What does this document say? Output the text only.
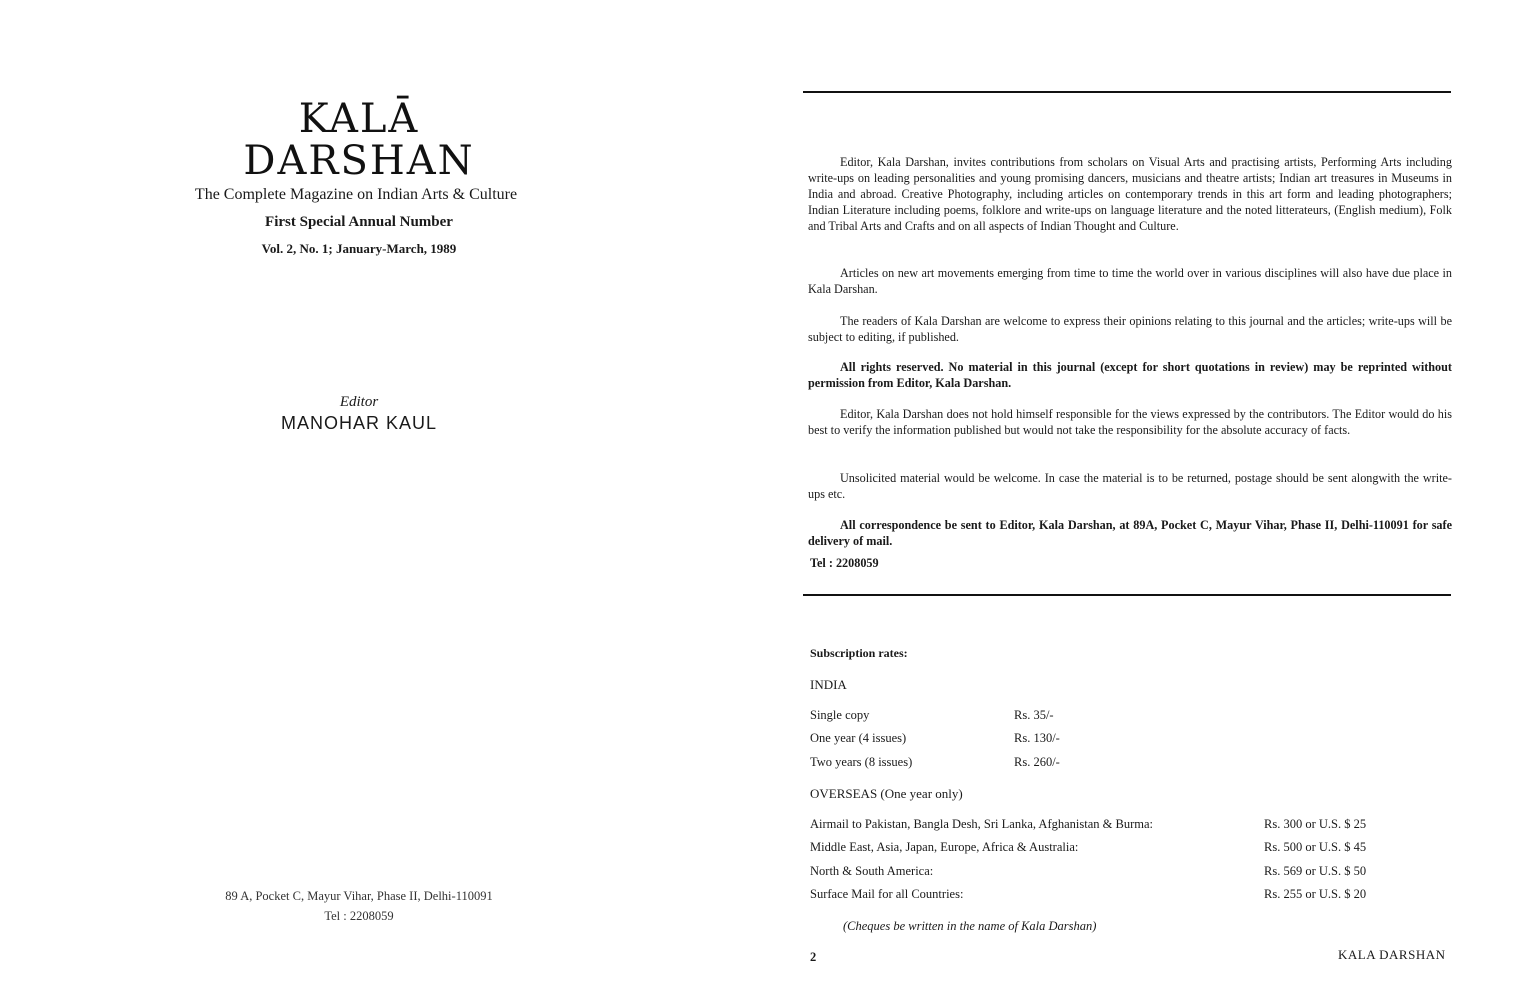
KALĀ
DARSHAN
The Complete Magazine on Indian Arts & Culture
First Special Annual Number
Vol. 2, No. 1; January-March, 1989
Editor
MANOHAR KAUL
89 A, Pocket C, Mayur Vihar, Phase II, Delhi-110091
Tel : 2208059

Editor, Kala Darshan, invites contributions from scholars on Visual Arts and practising artists, Performing Arts including write-ups on leading personalities and young promising dancers, musicians and theatre artists; Indian art treasures in Museums in India and abroad. Creative Photography, including articles on contemporary trends in this art form and leading photographers; Indian Literature including poems, folklore and write-ups on language literature and the noted litterateurs, (English medium), Folk and Tribal Arts and Crafts and on all aspects of Indian Thought and Culture.

Articles on new art movements emerging from time to time the world over in various disciplines will also have due place in Kala Darshan.

The readers of Kala Darshan are welcome to express their opinions relating to this journal and the articles; write-ups will be subject to editing, if published.

All rights reserved. No material in this journal (except for short quotations in review) may be reprinted without permission from Editor, Kala Darshan.

Editor, Kala Darshan does not hold himself responsible for the views expressed by the contributors. The Editor would do his best to verify the information published but would not take the responsibility for the absolute accuracy of facts.

Unsolicited material would be welcome. In case the material is to be returned, postage should be sent alongwith the write-ups etc.

All correspondence be sent to Editor, Kala Darshan, at 89A, Pocket C, Mayur Vihar, Phase II, Delhi-110091 for safe delivery of mail.

Tel : 2208059
Subscription rates:
INDIA
Single copy	Rs. 35/-
One year (4 issues)	Rs. 130/-
Two years (8 issues)	Rs. 260/-
OVERSEAS (One year only)
Airmail to Pakistan, Bangla Desh, Sri Lanka, Afghanistan & Burma:	Rs. 300 or U.S. $ 25
Middle East, Asia, Japan, Europe, Africa & Australia:	Rs. 500 or U.S. $ 45
North & South America:	Rs. 569 or U.S. $ 50
Surface Mail for all Countries:	Rs. 255 or U.S. $ 20
(Cheques be written in the name of Kala Darshan)
2	KALA DARSHAN
